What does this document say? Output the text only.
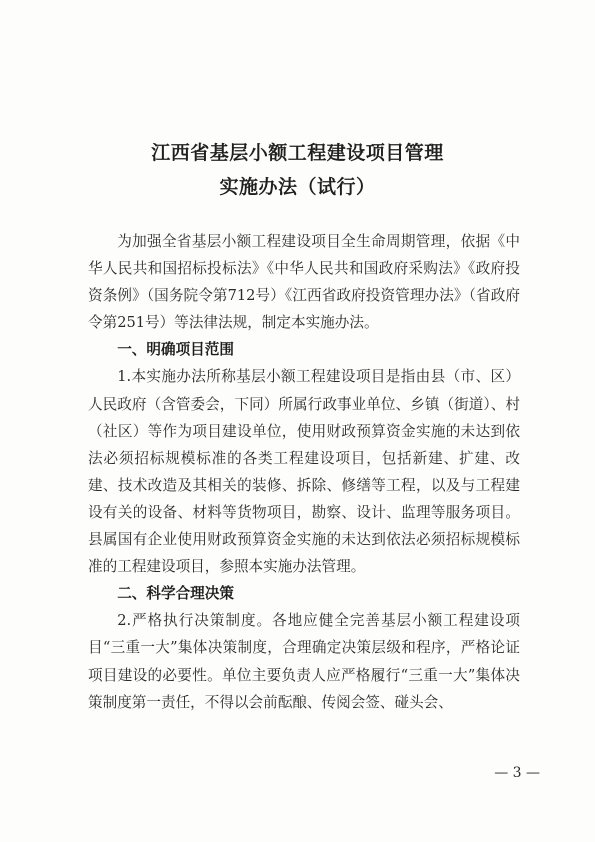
江西省基层小额工程建设项目管理
实施办法（试行）

为加强全省基层小额工程建设项目全生命周期管理，依据《中华人民共和国招标投标法》《中华人民共和国政府采购法》《政府投资条例》（国务院令第712号）《江西省政府投资管理办法》（省政府令第251号）等法律法规，制定本实施办法。

一、明确项目范围

1.本实施办法所称基层小额工程建设项目是指由县（市、区）人民政府（含管委会，下同）所属行政事业单位、乡镇（街道）、村（社区）等作为项目建设单位，使用财政预算资金实施的未达到依法必须招标规模标准的各类工程建设项目，包括新建、扩建、改建、技术改造及其相关的装修、拆除、修缮等工程，以及与工程建设有关的设备、材料等货物项目，勘察、设计、监理等服务项目。县属国有企业使用财政预算资金实施的未达到依法必须招标规模标准的工程建设项目，参照本实施办法管理。

二、科学合理决策

2.严格执行决策制度。各地应健全完善基层小额工程建设项目“三重一大”集体决策制度，合理确定决策层级和程序，严格论证项目建设的必要性。单位主要负责人应严格履行“三重一大”集体决策制度第一责任，不得以会前酝酿、传阅会签、碰头会、

— 3 —
